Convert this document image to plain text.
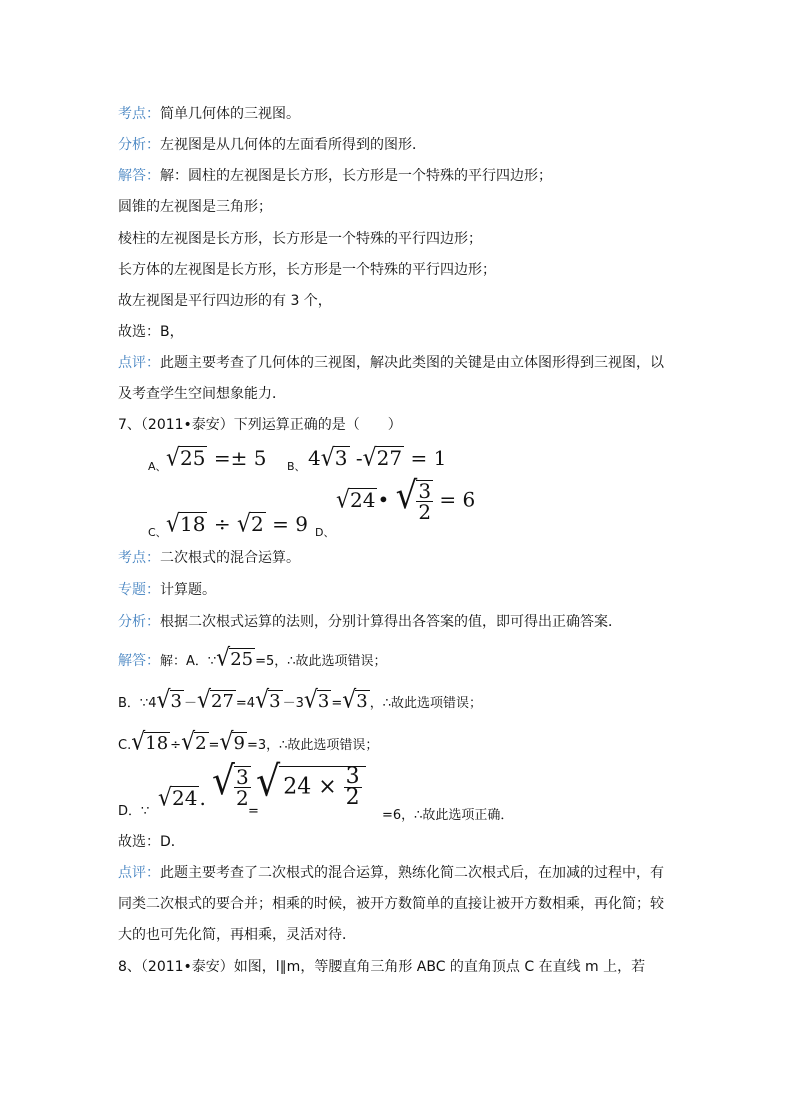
考点：简单几何体的三视图。
分析：左视图是从几何体的左面看所得到的图形．
解答：解：圆柱的左视图是长方形，长方形是一个特殊的平行四边形；
圆锥的左视图是三角形；
棱柱的左视图是长方形，长方形是一个特殊的平行四边形；
长方体的左视图是长方形，长方形是一个特殊的平行四边形；
故左视图是平行四边形的有 3 个，
故选：B，
点评：此题主要考查了几何体的三视图，解决此类图的关键是由立体图形得到三视图，以
及考查学生空间想象能力．
7、（2011•泰安）下列运算正确的是（　　）
A、 √25 =± 5 B、 4√3 -√27 = 1
C、 √18 ÷ √2 = 9 D、
√24 • √ $\frac{3}{2} = 6$
考点：二次根式的混合运算。
专题：计算题。
分析：根据二次根式运算的法则，分别计算得出各答案的值，即可得出正确答案．
解答：解：A．∵√25 =5，∴故此选项错误；
B．∵4√3 －√27 =4√3 －3√3 =√3 ，∴故此选项错误；
C.√18 ÷√2 =√9 =3，∴故此选项错误；
D．∵ √24 . √ $\frac{3}{2}$
=
√ $24 \times \frac{3}{2}$
=6，∴故此选项正确．
故选：D．
点评：此题主要考查了二次根式的混合运算，熟练化简二次根式后，在加减的过程中，有
同类二次根式的要合并；相乘的时候，被开方数简单的直接让被开方数相乘，再化简；较
大的也可先化简，再相乘，灵活对待．
8、（2011•泰安）如图，l∥m，等腰直角三角形 ABC 的直角顶点 C 在直线 m 上，若
